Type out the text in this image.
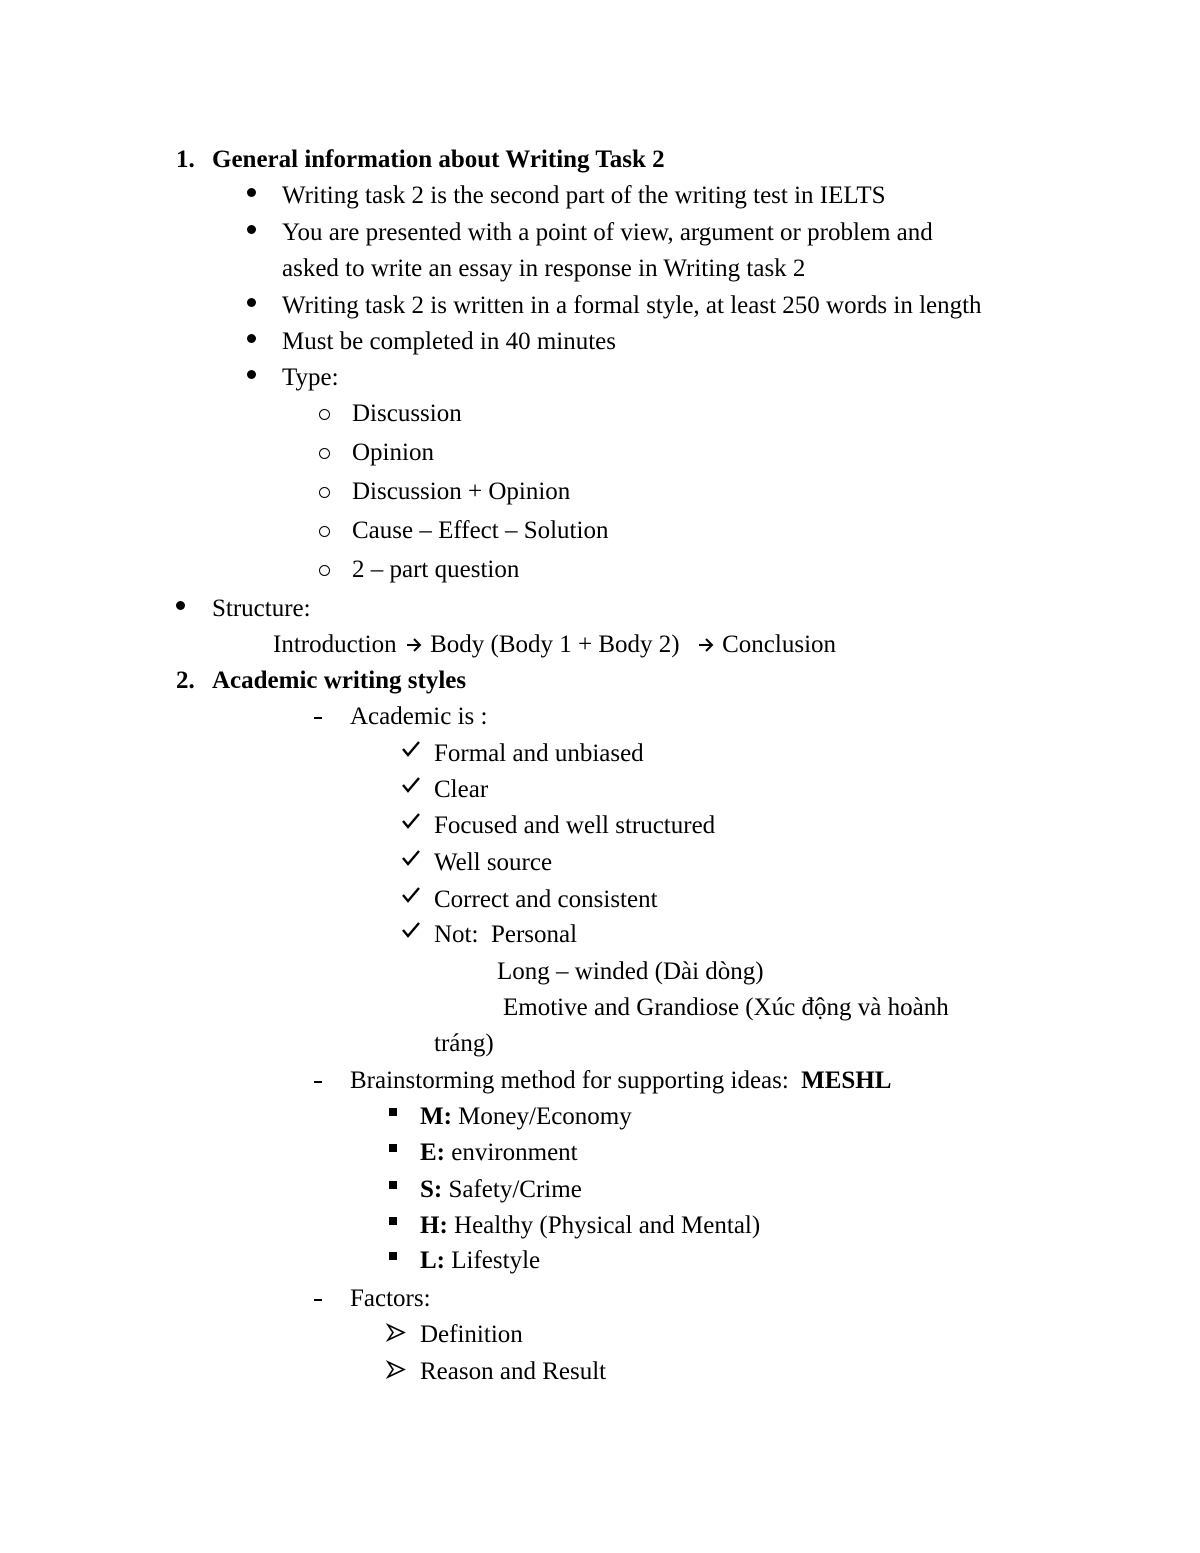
1. General information about Writing Task 2
Writing task 2 is the second part of the writing test in IELTS
You are presented with a point of view, argument or problem and
asked to write an essay in response in Writing task 2
Writing task 2 is written in a formal style, at least 250 words in length
Must be completed in 40 minutes
Type:
Discussion
Opinion
Discussion + Opinion
Cause – Effect – Solution
2 – part question
Structure:
Introduction Body (Body 1 + Body 2) Conclusion
2. Academic writing styles
Academic is :
Formal and unbiased
Clear
Focused and well structured
Well source
Correct and consistent
Not:  Personal
Long – winded (Dài dòng)
Emotive and Grandiose (Xúc động và hoành
tráng)
Brainstorming method for supporting ideas: MESHL
M: Money/Economy
E: environment
S: Safety/Crime
H: Healthy (Physical and Mental)
L: Lifestyle
Factors:
Definition
Reason and Result
